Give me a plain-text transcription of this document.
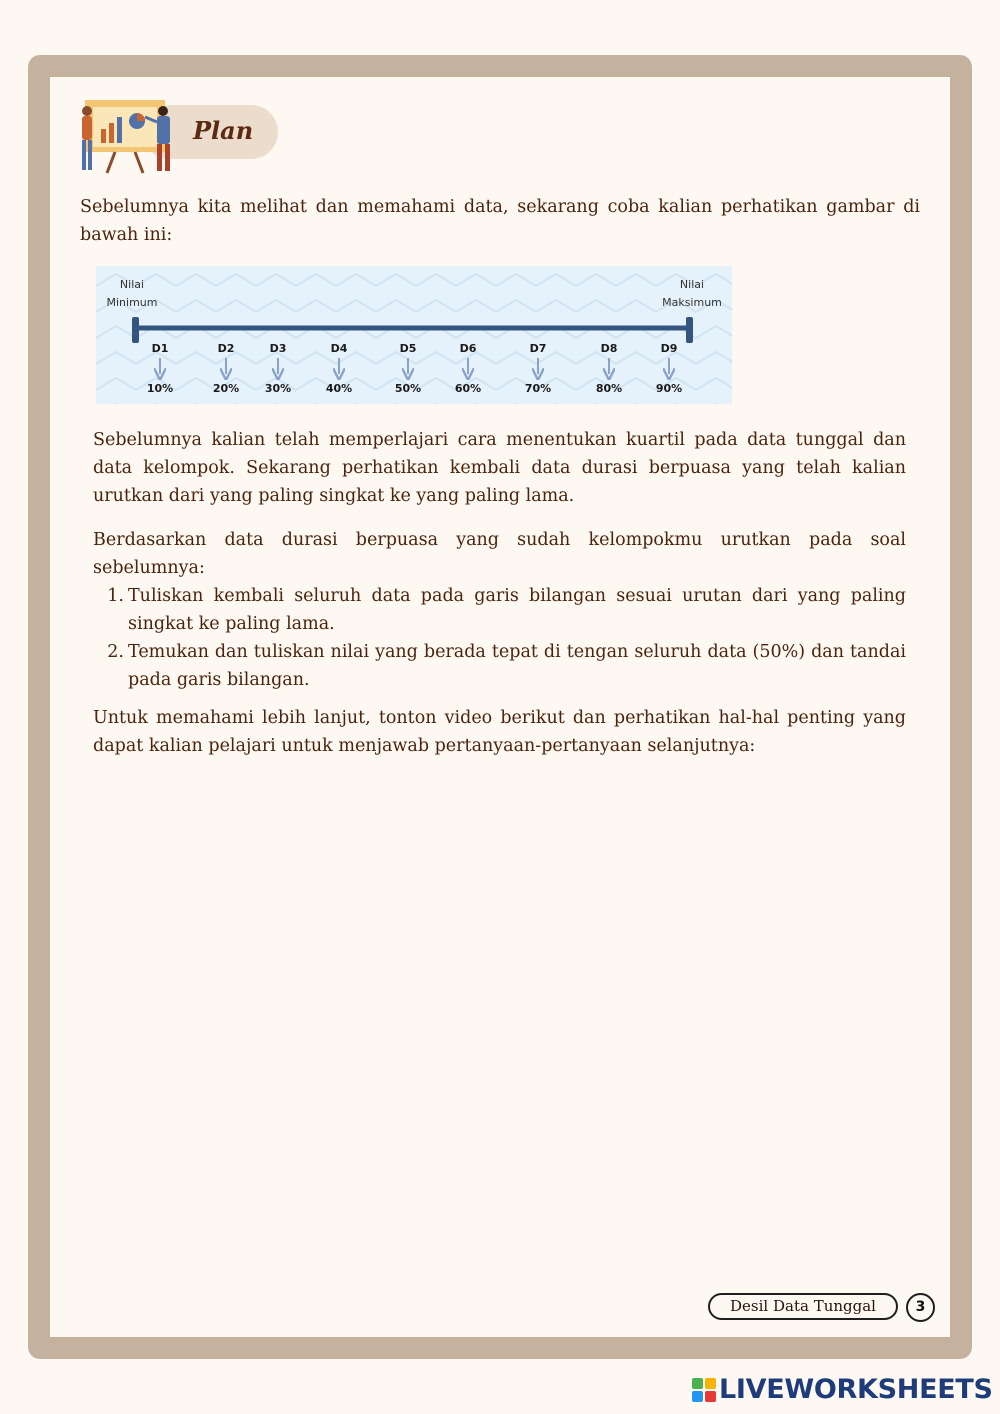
Plan
Sebelumnya kita melihat dan memahami data, sekarang coba kalian perhatikan gambar di bawah ini:
Nilai
Minimum
Nilai
Maksimum
D1
10%
D2
20%
D3
30%
D4
40%
D5
50%
D6
60%
D7
70%
D8
80%
D9
90%

Sebelumnya kalian telah memperlajari cara menentukan kuartil pada data tunggal dan data kelompok. Sekarang perhatikan kembali data durasi berpuasa yang telah kalian urutkan dari yang paling singkat ke yang paling lama.

Berdasarkan data durasi berpuasa yang sudah kelompokmu urutkan pada soal sebelumnya:

1. Tuliskan kembali seluruh data pada garis bilangan sesuai urutan dari yang paling singkat ke paling lama.
2. Temukan dan tuliskan nilai yang berada tepat di tengan seluruh data (50%) dan tandai pada garis bilangan.

Untuk memahami lebih lanjut, tonton video berikut dan perhatikan hal-hal penting yang dapat kalian pelajari untuk menjawab pertanyaan-pertanyaan selanjutnya:

Desil Data Tunggal	3
LIVEWORKSHEETS
